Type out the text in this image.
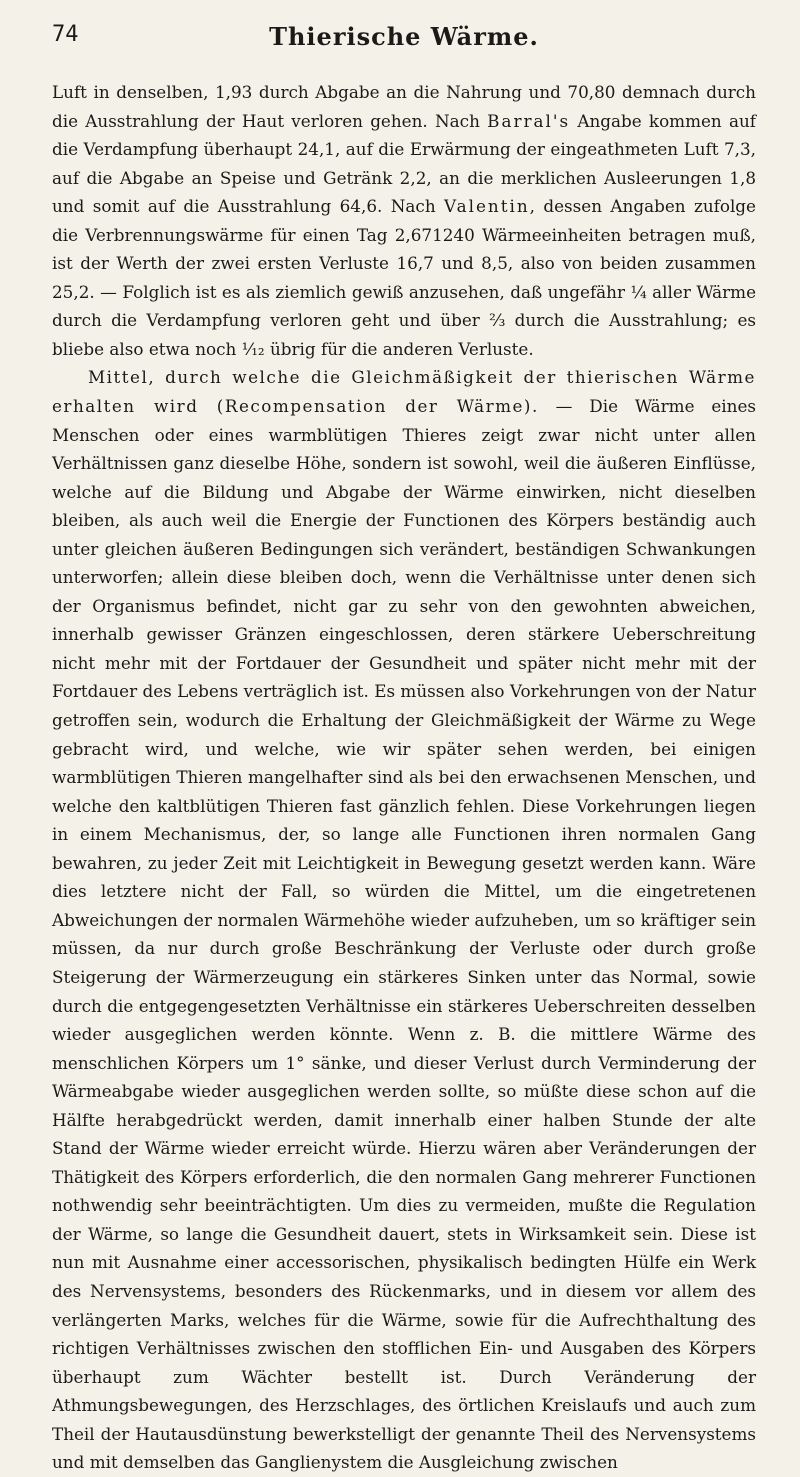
74	Thierische Wärme.

Luft in denselben, 1,93 durch Abgabe an die Nahrung und 70,80 demnach durch die Ausstrahlung der Haut verloren gehen. Nach Barral's Angabe kommen auf die Verdampfung überhaupt 24,1, auf die Erwärmung der eingeathmeten Luft 7,3, auf die Abgabe an Speise und Getränk 2,2, an die merklichen Ausleerungen 1,8 und somit auf die Ausstrahlung 64,6. Nach Valentin, dessen Angaben zufolge die Verbrennungswärme für einen Tag 2,671240 Wärmeeinheiten betragen muß, ist der Werth der zwei ersten Verluste 16,7 und 8,5, also von beiden zusammen 25,2. — Folglich ist es als ziemlich gewiß anzusehen, daß ungefähr ¼ aller Wärme durch die Verdampfung verloren geht und über ⅔ durch die Ausstrahlung; es bliebe also etwa noch ¹⁄₁₂ übrig für die anderen Verluste.

Mittel, durch welche die Gleichmäßigkeit der thierischen Wärme erhalten wird (Recompensation der Wärme). — Die Wärme eines Menschen oder eines warmblütigen Thieres zeigt zwar nicht unter allen Verhältnissen ganz dieselbe Höhe, sondern ist sowohl, weil die äußeren Einflüsse, welche auf die Bildung und Abgabe der Wärme einwirken, nicht dieselben bleiben, als auch weil die Energie der Functionen des Körpers beständig auch unter gleichen äußeren Bedingungen sich verändert, beständigen Schwankungen unterworfen; allein diese bleiben doch, wenn die Verhältnisse unter denen sich der Organismus befindet, nicht gar zu sehr von den gewohnten abweichen, innerhalb gewisser Gränzen eingeschlossen, deren stärkere Ueberschreitung nicht mehr mit der Fortdauer der Gesundheit und später nicht mehr mit der Fortdauer des Lebens verträglich ist. Es müssen also Vorkehrungen von der Natur getroffen sein, wodurch die Erhaltung der Gleichmäßigkeit der Wärme zu Wege gebracht wird, und welche, wie wir später sehen werden, bei einigen warmblütigen Thieren mangelhafter sind als bei den erwachsenen Menschen, und welche den kaltblütigen Thieren fast gänzlich fehlen. Diese Vorkehrungen liegen in einem Mechanismus, der, so lange alle Functionen ihren normalen Gang bewahren, zu jeder Zeit mit Leichtigkeit in Bewegung gesetzt werden kann. Wäre dies letztere nicht der Fall, so würden die Mittel, um die eingetretenen Abweichungen der normalen Wärmehöhe wieder aufzuheben, um so kräftiger sein müssen, da nur durch große Beschränkung der Verluste oder durch große Steigerung der Wärmerzeugung ein stärkeres Sinken unter das Normal, sowie durch die entgegengesetzten Verhältnisse ein stärkeres Ueberschreiten desselben wieder ausgeglichen werden könnte. Wenn z. B. die mittlere Wärme des menschlichen Körpers um 1° sänke, und dieser Verlust durch Verminderung der Wärmeabgabe wieder ausgeglichen werden sollte, so müßte diese schon auf die Hälfte herabgedrückt werden, damit innerhalb einer halben Stunde der alte Stand der Wärme wieder erreicht würde. Hierzu wären aber Veränderungen der Thätigkeit des Körpers erforderlich, die den normalen Gang mehrerer Functionen nothwendig sehr beeinträchtigten. Um dies zu vermeiden, mußte die Regulation der Wärme, so lange die Gesundheit dauert, stets in Wirksamkeit sein. Diese ist nun mit Ausnahme einer accessorischen, physikalisch bedingten Hülfe ein Werk des Nervensystems, besonders des Rückenmarks, und in diesem vor allem des verlängerten Marks, welches für die Wärme, sowie für die Aufrechthaltung des richtigen Verhältnisses zwischen den stofflichen Ein- und Ausgaben des Körpers überhaupt zum Wächter bestellt ist. Durch Veränderung der Athmungsbewegungen, des Herzschlages, des örtlichen Kreislaufs und auch zum Theil der Hautausdünstung bewerkstelligt der genannte Theil des Nervensystems und mit demselben das Ganglienystem die Ausgleichung zwischen
